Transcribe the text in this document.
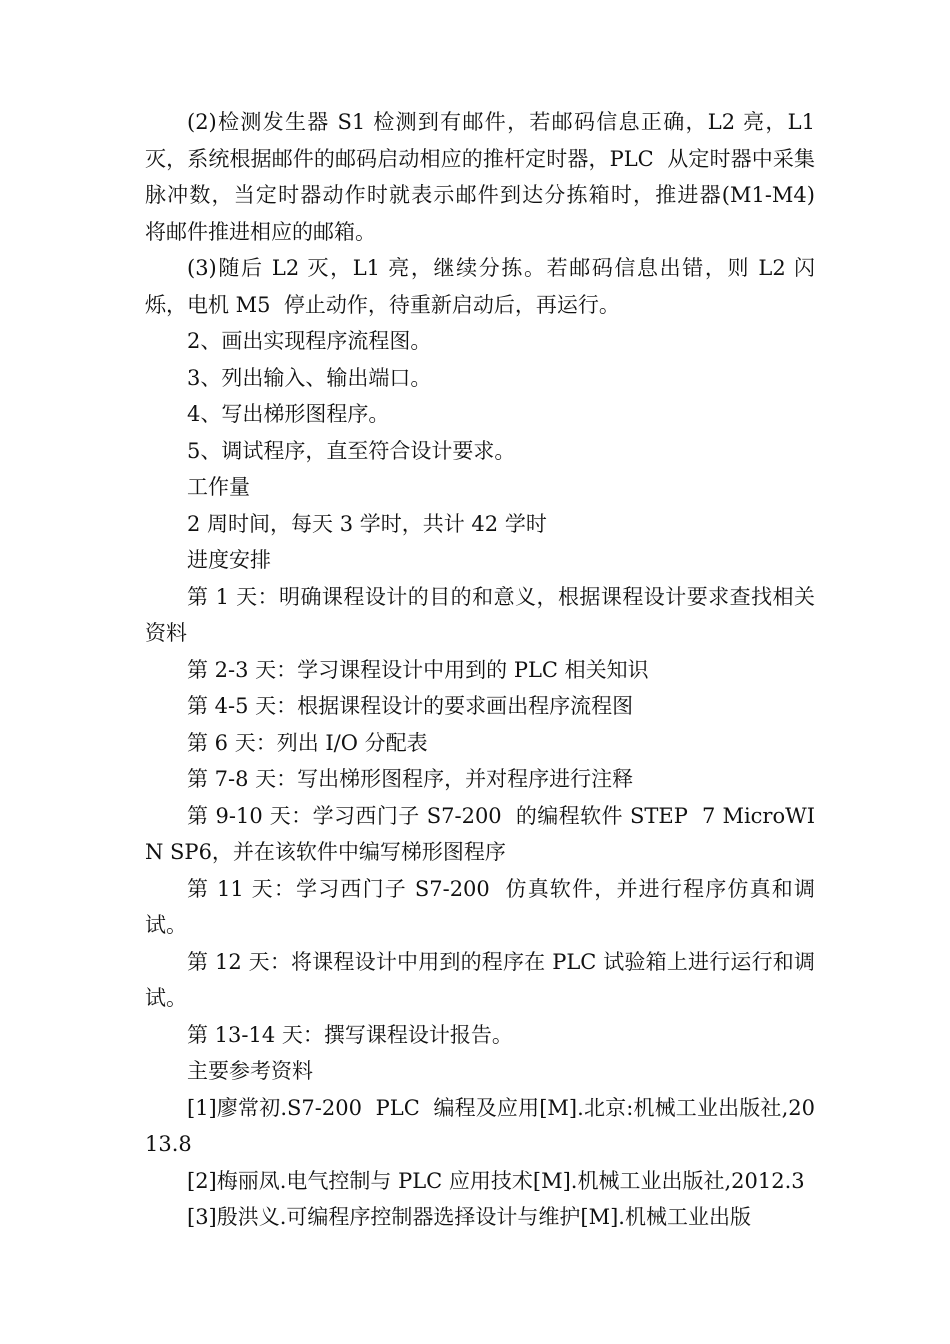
(2)检测发生器 S1 检测到有邮件，若邮码信息正确，L2 亮，L1 灭，系统根据邮件的邮码启动相应的推杆定时器，PLC  从定时器中采集脉冲数，当定时器动作时就表示邮件到达分拣箱时，推进器(M1-M4)  将邮件推进相应的邮箱。

(3)随后 L2 灭，L1 亮，继续分拣。若邮码信息出错，则 L2 闪烁，电机 M5  停止动作，待重新启动后，再运行。

2、画出实现程序流程图。

3、列出输入、输出端口。

4、写出梯形图程序。

5、调试程序，直至符合设计要求。

工作量

2 周时间，每天 3 学时，共计 42 学时

进度安排

第 1 天：明确课程设计的目的和意义，根据课程设计要求查找相关资料

第 2-3 天：学习课程设计中用到的 PLC 相关知识

第 4-5 天：根据课程设计的要求画出程序流程图

第 6 天：列出 I/O 分配表

第 7-8 天：写出梯形图程序，并对程序进行注释

第 9-10 天：学习西门子 S7-200  的编程软件 STEP  7 MicroWIN SP6，并在该软件中编写梯形图程序

第 11 天：学习西门子 S7-200  仿真软件，并进行程序仿真和调试。

第 12 天：将课程设计中用到的程序在 PLC 试验箱上进行运行和调试。

第 13-14 天：撰写课程设计报告。

主要参考资料

[1]廖常初.S7-200  PLC  编程及应用[M].北京:机械工业出版社,2013.8

[2]梅丽凤.电气控制与 PLC 应用技术[M].机械工业出版社,2012.3

[3]殷洪义.可编程序控制器选择设计与维护[M].机械工业出版
